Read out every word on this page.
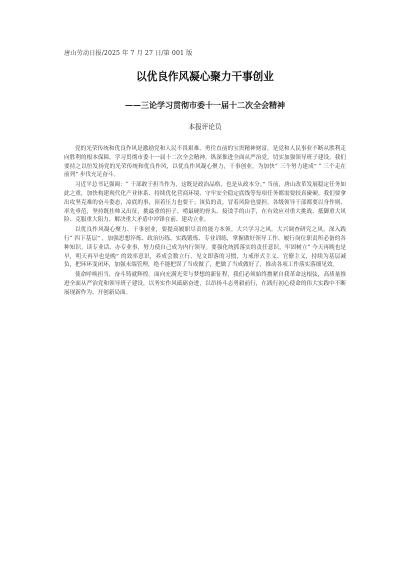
唐山劳动日报/2025 年 7 月 27 日/第 001 版
以优良作风凝心聚力干事创业
——三论学习贯彻市委十一届十二次全会精神
本报评论员

党的光荣传统和优良作风是激励党和人民不畏艰难、勇往直前的宝贵精神财富，是党和人民事业不断从胜利走向胜利的根本保障。学习贯彻市委十一届十二次全会精神，纵深推进全面从严治党，切实加强领导班子建设，我们要持之以恒发扬党的光荣传统和优良作风，以优良作风凝心聚力，干事创业，为加快“ 三个努力建成” “ 三个走在前列” 步伐充足奋斗。

习近平总书记强调：“ 干部敢于担当作为，这既是政治品格，也是从政本分。” 当前，唐山改革发展稳定任务如此之重，加快构建现代化产业体系、持续优化营商环境、守牢安全稳定底线等每项任务都需要较真碰硬。我们要拿出攻坚克难的奋斗姿态，凉底的事，顶着压力也要干；该负的责，冒着风险也要担。各级领导干部都要以身作则、率先垂范，坚持既挂帅又出征，挑最重的担子、啃最硬的骨头、接烫手的山芋，在有效应对重大挑战、抵御重大风险、克服重大阻力、解决重大矛盾中冲锋在前、建功立业。

以优良作风凝心聚力、干事创业，要提高履职尽责的能力本领。大兴学习之风。大兴调查研究之风，深入践行“ 四下基层” ，加强思想淬炼、政治历练、实践锻炼、专业训练，掌握做好领导工作、履行岗位职责所必备的各种知识。读专业话、办专业事，努力使自己成为内行领导。要强化统抓落实的责任意识，牢固树立“ 今天再晚也是早，明天再早也是晚” 的效率意识，养成会数立行、见文即落的习惯，力戒形式主义、官僚主义，持续为基层减负，把环环变闭环，加强末端管理，绝不能把误了当成做了，把做了当成做好了，推动各项工作落实落细见效。

使命呼唤担当，奋斗铸就辉煌。面向充满光荣与梦想的新征程，我们必须始终撸紧自我革命这根弦，高质量推进全面从严治党和领导班子建设，以务实作风砥砺奋进，以昂扬斗志勇毅前行，在践行初心使命的伟大实践中不断展现新作为、开创新局面。
